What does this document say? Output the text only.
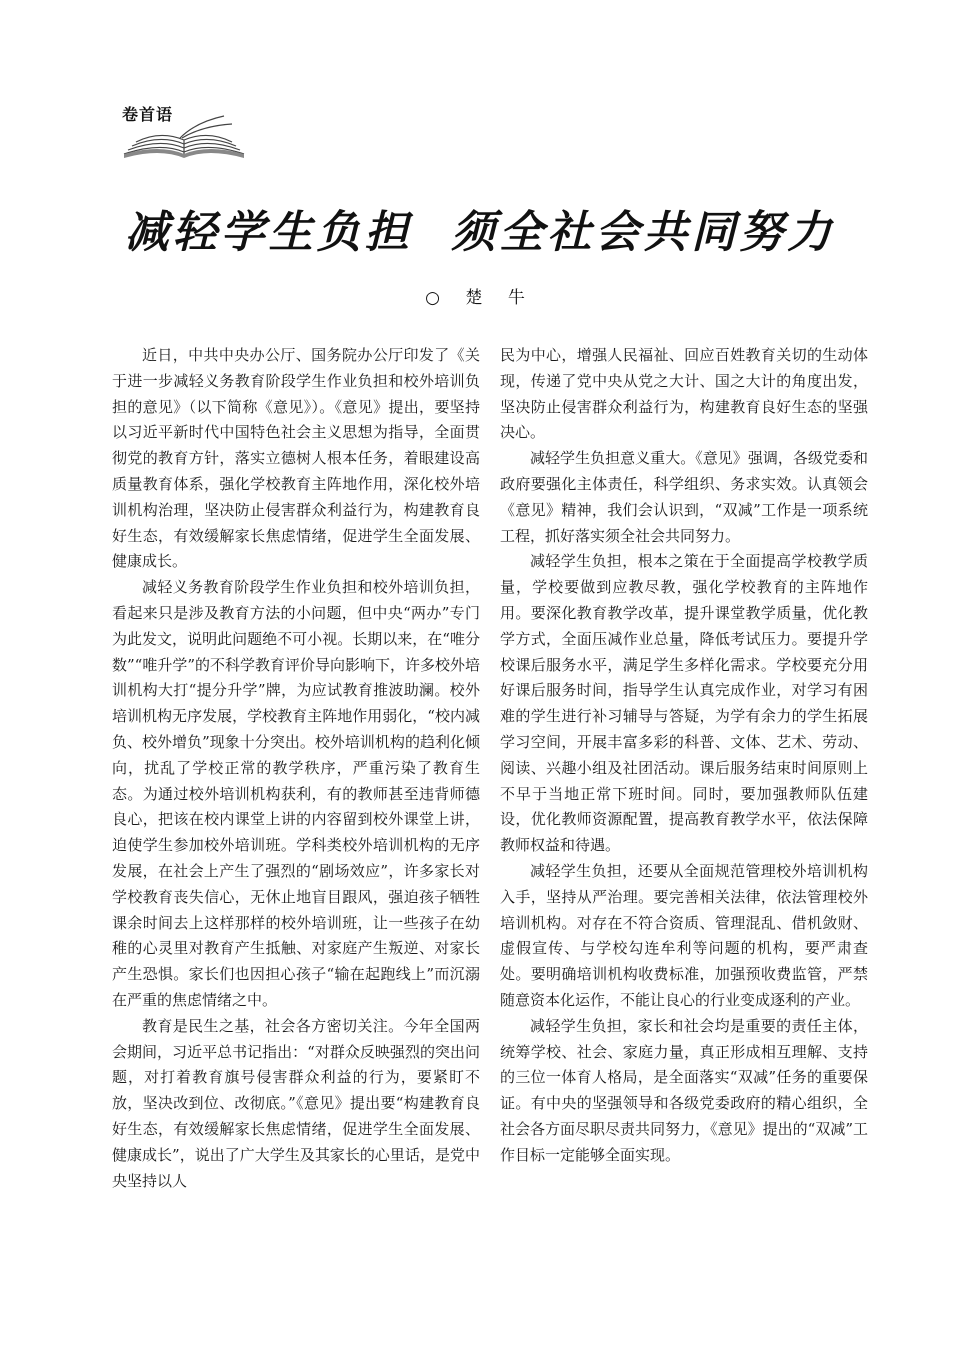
卷首语
减轻学生负担  须全社会共同努力
○ 楚 牛

近日，中共中央办公厅、国务院办公厅印发了《关于进一步减轻义务教育阶段学生作业负担和校外培训负担的意见》（以下简称《意见》）。《意见》提出，要坚持以习近平新时代中国特色社会主义思想为指导，全面贯彻党的教育方针，落实立德树人根本任务，着眼建设高质量教育体系，强化学校教育主阵地作用，深化校外培训机构治理，坚决防止侵害群众利益行为，构建教育良好生态，有效缓解家长焦虑情绪，促进学生全面发展、健康成长。

减轻义务教育阶段学生作业负担和校外培训负担，看起来只是涉及教育方法的小问题，但中央“两办”专门为此发文，说明此问题绝不可小视。长期以来，在“唯分数”“唯升学”的不科学教育评价导向影响下，许多校外培训机构大打“提分升学”牌，为应试教育推波助澜。校外培训机构无序发展，学校教育主阵地作用弱化，“校内减负、校外增负”现象十分突出。校外培训机构的趋利化倾向，扰乱了学校正常的教学秩序，严重污染了教育生态。为通过校外培训机构获利，有的教师甚至违背师德良心，把该在校内课堂上讲的内容留到校外课堂上讲，迫使学生参加校外培训班。学科类校外培训机构的无序发展，在社会上产生了强烈的“剧场效应”，许多家长对学校教育丧失信心，无休止地盲目跟风，强迫孩子牺牲课余时间去上这样那样的校外培训班，让一些孩子在幼稚的心灵里对教育产生抵触、对家庭产生叛逆、对家长产生恐惧。家长们也因担心孩子“输在起跑线上”而沉溺在严重的焦虑情绪之中。

教育是民生之基，社会各方密切关注。今年全国两会期间，习近平总书记指出：“对群众反映强烈的突出问题，对打着教育旗号侵害群众利益的行为，要紧盯不放，坚决改到位、改彻底。”《意见》提出要“构建教育良好生态，有效缓解家长焦虑情绪，促进学生全面发展、健康成长”，说出了广大学生及其家长的心里话，是党中央坚持以人

民为中心，增强人民福祉、回应百姓教育关切的生动体现，传递了党中央从党之大计、国之大计的角度出发，坚决防止侵害群众利益行为，构建教育良好生态的坚强决心。

减轻学生负担意义重大。《意见》强调，各级党委和政府要强化主体责任，科学组织、务求实效。认真领会《意见》精神，我们会认识到，“双减”工作是一项系统工程，抓好落实须全社会共同努力。

减轻学生负担，根本之策在于全面提高学校教学质量，学校要做到应教尽教，强化学校教育的主阵地作用。要深化教育教学改革，提升课堂教学质量，优化教学方式，全面压减作业总量，降低考试压力。要提升学校课后服务水平，满足学生多样化需求。学校要充分用好课后服务时间，指导学生认真完成作业，对学习有困难的学生进行补习辅导与答疑，为学有余力的学生拓展学习空间，开展丰富多彩的科普、文体、艺术、劳动、阅读、兴趣小组及社团活动。课后服务结束时间原则上不早于当地正常下班时间。同时，要加强教师队伍建设，优化教师资源配置，提高教育教学水平，依法保障教师权益和待遇。

减轻学生负担，还要从全面规范管理校外培训机构入手，坚持从严治理。要完善相关法律，依法管理校外培训机构。对存在不符合资质、管理混乱、借机敛财、虚假宣传、与学校勾连牟利等问题的机构，要严肃查处。要明确培训机构收费标准，加强预收费监管，严禁随意资本化运作，不能让良心的行业变成逐利的产业。

减轻学生负担，家长和社会均是重要的责任主体，统筹学校、社会、家庭力量，真正形成相互理解、支持的三位一体育人格局，是全面落实“双减”任务的重要保证。有中央的坚强领导和各级党委政府的精心组织，全社会各方面尽职尽责共同努力，《意见》提出的“双减”工作目标一定能够全面实现。
